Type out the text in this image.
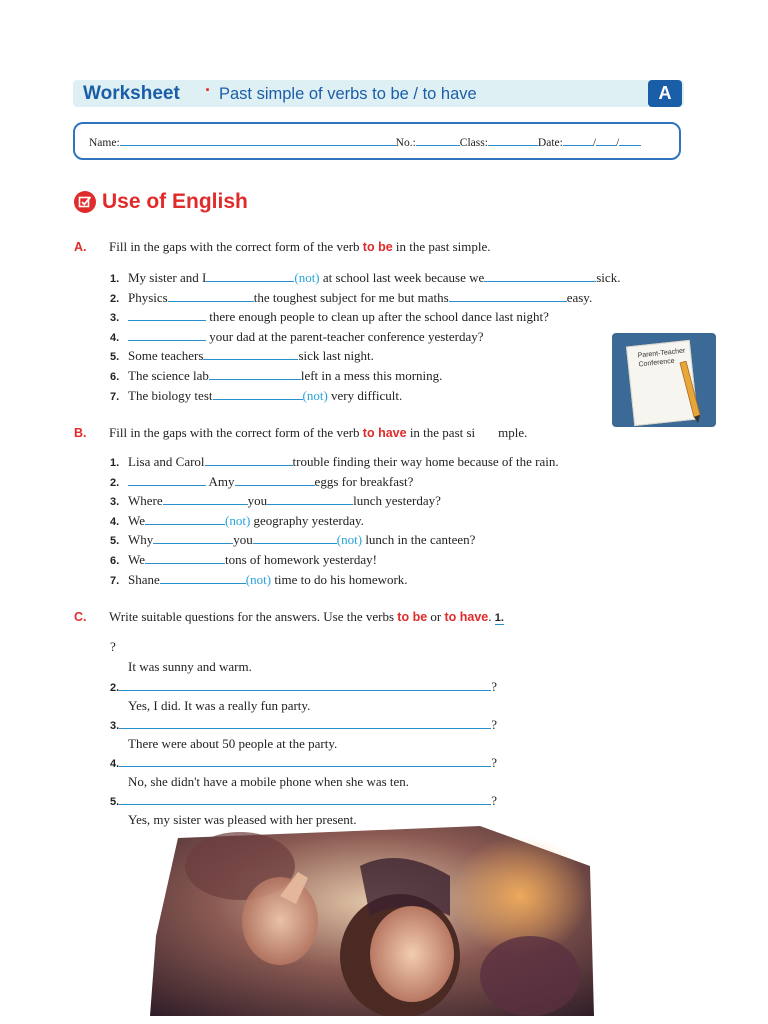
Worksheet · Past simple of verbs to be / to have	A
Name:	No.:	Class:	Date:	/ /
Use of English
A. Fill in the gaps with the correct form of the verb to be in the past simple.
1. My sister and I	(not) at school last week because we	sick.
2. Physics	the toughest subject for me but maths	easy.
3.	there enough people to clean up after the school dance last night?
4.	your dad at the parent-teacher conference yesterday?
5. Some teachers	sick last night.
6. The science lab	left in a mess this morning.
7. The biology test	(not) very difficult.
Parent-Teacher
Conference
B. Fill in the gaps with the correct form of the verb to have in the past si mple.
1. Lisa and Carol	trouble finding their way home because of the rain.
2.	Amy	eggs for breakfast?
3. Where	you	lunch yesterday?
4. We	(not) geography yesterday.
5. Why	you	(not) lunch in the canteen?
6. We	tons of homework yesterday!
7. Shane	(not) time to do his homework.
C. Write suitable questions for the answers. Use the verbs to be or to have. 1.
?
It was sunny and warm.
2.	?
Yes, I did. It was a really fun party.
3.	?
There were about 50 people at the party.
4.	?
No, she didn't have a mobile phone when she was ten.
5.	?
Yes, my sister was pleased with her present.
